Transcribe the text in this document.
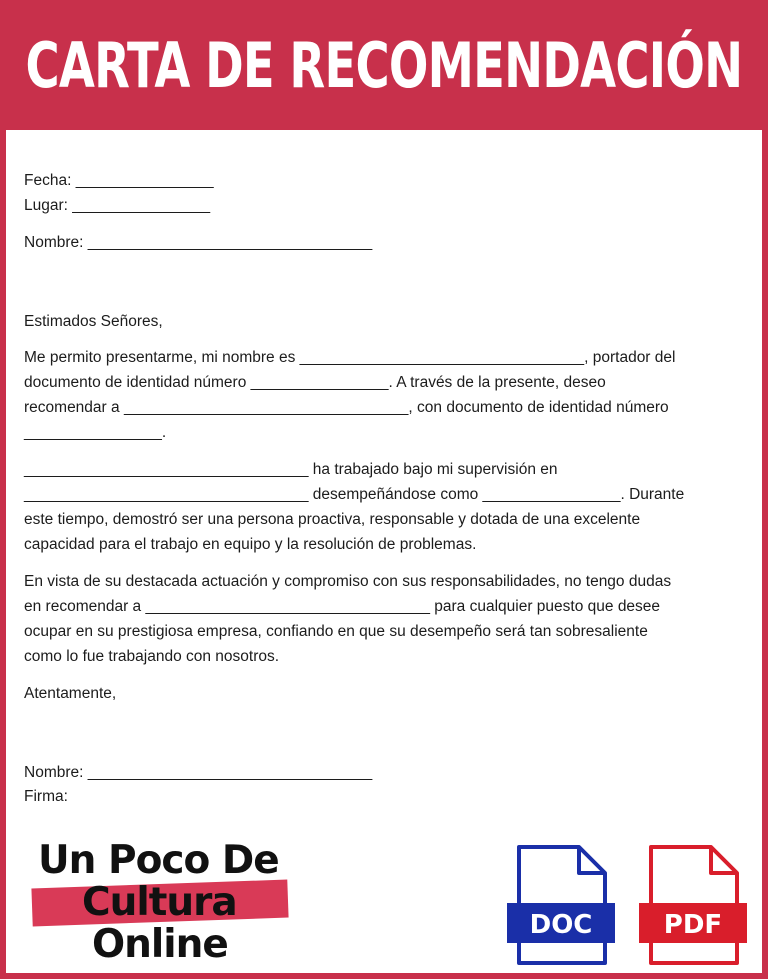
CARTA DE RECOMENDACIÓN
Fecha: ________________
Lugar: ________________
Nombre: _________________________________
Estimados Señores,
Me permito presentarme, mi nombre es _________________________________, portador del
documento de identidad número ________________. A través de la presente, deseo
recomendar a _________________________________, con documento de identidad número
________________.
_________________________________ ha trabajado bajo mi supervisión en
_________________________________ desempeñándose como ________________. Durante
este tiempo, demostró ser una persona proactiva, responsable y dotada de una excelente
capacidad para el trabajo en equipo y la resolución de problemas.
En vista de su destacada actuación y compromiso con sus responsabilidades, no tengo dudas
en recomendar a _________________________________ para cualquier puesto que desee
ocupar en su prestigiosa empresa, confiando en que su desempeño será tan sobresaliente
como lo fue trabajando con nosotros.
Atentamente,
Nombre: _________________________________
Firma:
Un Poco De
Cultura
Online	DOC	PDF
